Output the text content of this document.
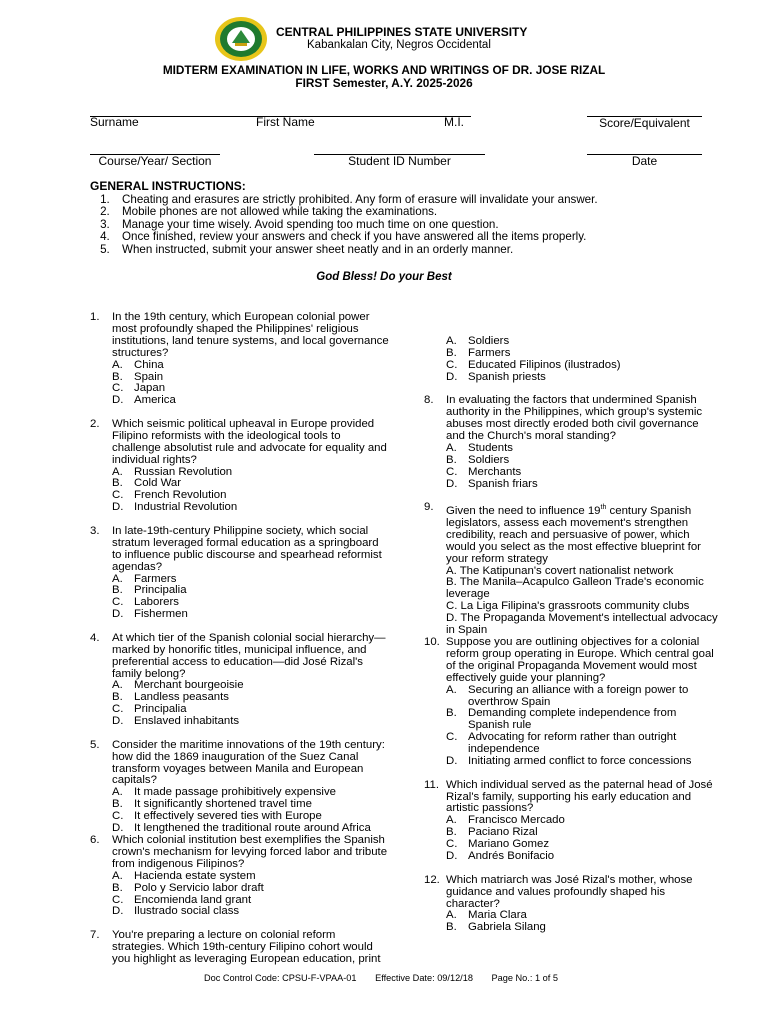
CENTRAL PHILIPPINES STATE UNIVERSITY
Kabankalan City, Negros Occidental
MIDTERM EXAMINATION IN LIFE, WORKS AND WRITINGS OF DR. JOSE RIZAL
FIRST Semester, A.Y. 2025-2026
Surname	First Name	M.I.	Score/Equivalent
Course/Year/ Section	Student ID Number	Date
GENERAL INSTRUCTIONS:
1. Cheating and erasures are strictly prohibited. Any form of erasure will invalidate your answer.
2. Mobile phones are not allowed while taking the examinations.
3. Manage your time wisely. Avoid spending too much time on one question.
4. Once finished, review your answers and check if you have answered all the items properly.
5. When instructed, submit your answer sheet neatly and in an orderly manner.
God Bless! Do your Best
1. In the 19th century, which European colonial power most profoundly shaped the Philippines' religious institutions, land tenure systems, and local governance structures?
A. China
B. Spain
C. Japan
D. America
2. Which seismic political upheaval in Europe provided Filipino reformists with the ideological tools to challenge absolutist rule and advocate for equality and individual rights?
A. Russian Revolution
B. Cold War
C. French Revolution
D. Industrial Revolution
3. In late-19th-century Philippine society, which social stratum leveraged formal education as a springboard to influence public discourse and spearhead reformist agendas?
A. Farmers
B. Principalia
C. Laborers
D. Fishermen
4. At which tier of the Spanish colonial social hierarchy—marked by honorific titles, municipal influence, and preferential access to education—did José Rizal's family belong?
A. Merchant bourgeoisie
B. Landless peasants
C. Principalia
D. Enslaved inhabitants
5. Consider the maritime innovations of the 19th century: how did the 1869 inauguration of the Suez Canal transform voyages between Manila and European capitals?
A. It made passage prohibitively expensive
B. It significantly shortened travel time
C. It effectively severed ties with Europe
D. It lengthened the traditional route around Africa
6. Which colonial institution best exemplifies the Spanish crown's mechanism for levying forced labor and tribute from indigenous Filipinos?
A. Hacienda estate system
B. Polo y Servicio labor draft
C. Encomienda land grant
D. Ilustrado social class
7. You're preparing a lecture on colonial reform strategies. Which 19th-century Filipino cohort would you highlight as leveraging European education, print
A. Soldiers
B. Farmers
C. Educated Filipinos (ilustrados)
D. Spanish priests
8. In evaluating the factors that undermined Spanish authority in the Philippines, which group's systemic abuses most directly eroded both civil governance and the Church's moral standing?
A. Students
B. Soldiers
C. Merchants
D. Spanish friars
9. Given the need to influence 19th century Spanish legislators, assess each movement's strengthen credibility, reach and persuasive of power, which would you select as the most effective blueprint for your reform strategy
A. The Katipunan's covert nationalist network
B. The Manila–Acapulco Galleon Trade's economic leverage
C. La Liga Filipina's grassroots community clubs
D. The Propaganda Movement's intellectual advocacy in Spain
10. Suppose you are outlining objectives for a colonial reform group operating in Europe. Which central goal of the original Propaganda Movement would most effectively guide your planning?
A. Securing an alliance with a foreign power to overthrow Spain
B. Demanding complete independence from Spanish rule
C. Advocating for reform rather than outright independence
D. Initiating armed conflict to force concessions
11. Which individual served as the paternal head of José Rizal's family, supporting his early education and artistic passions?
A. Francisco Mercado
B. Paciano Rizal
C. Mariano Gomez
D. Andrés Bonifacio
12. Which matriarch was José Rizal's mother, whose guidance and values profoundly shaped his character?
A. Maria Clara
B. Gabriela Silang
Doc Control Code: CPSU-F-VPAA-01 Effective Date: 09/12/18 Page No.: 1 of 5
